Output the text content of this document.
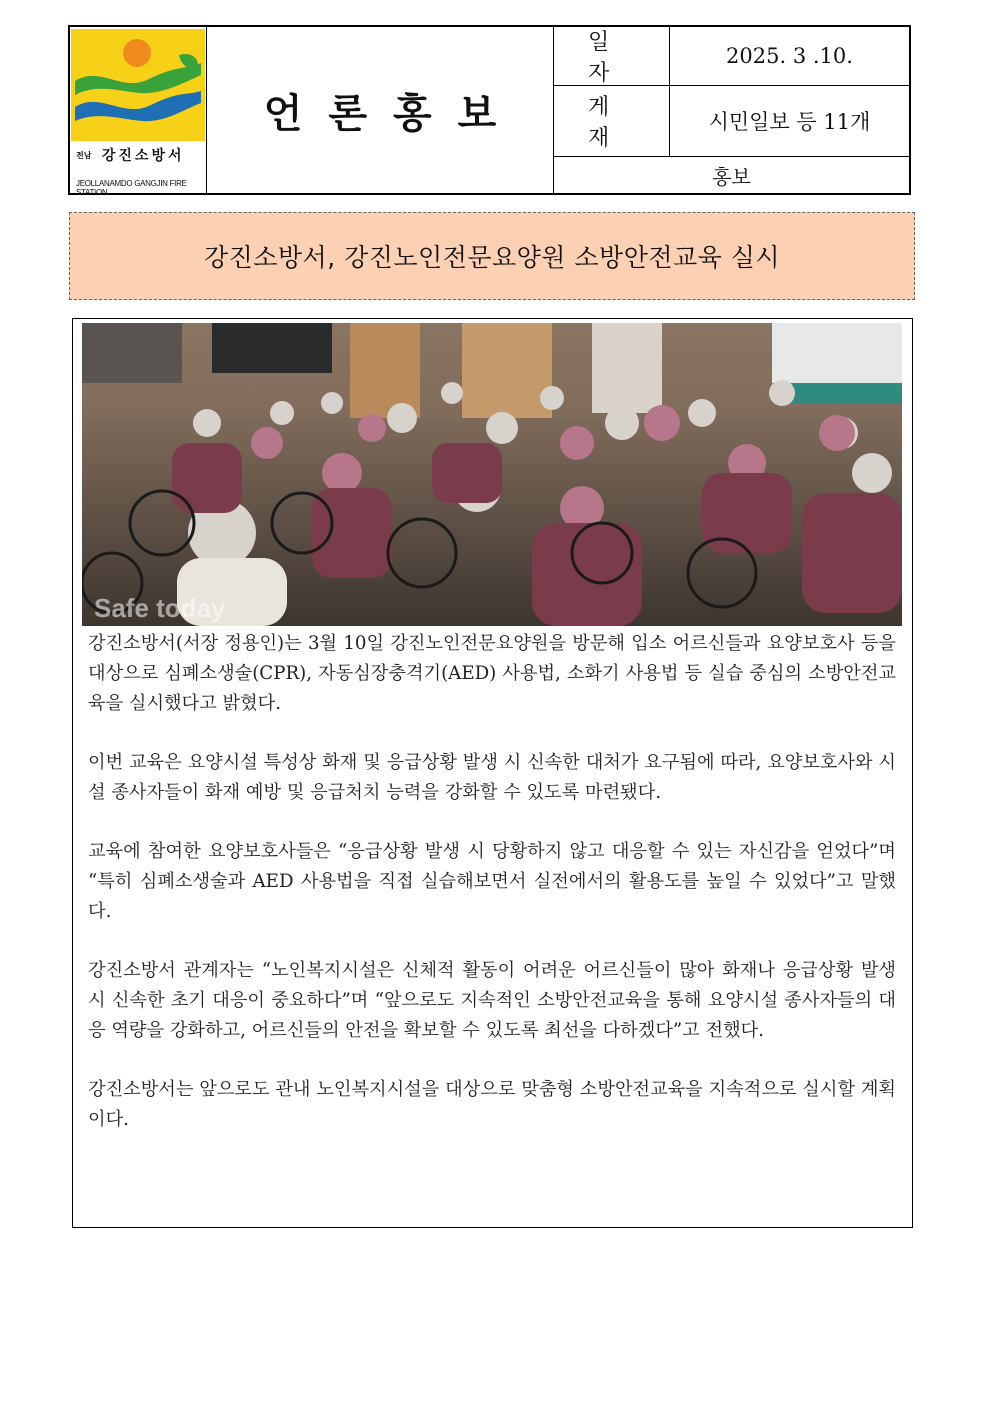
전남 강진소방서
JEOLLANAMDO GANGJIN FIRE STATION
언론홍보
일자
2025. 3 .10.
게재
시민일보 등 11개
홍보
강진소방서, 강진노인전문요양원 소방안전교육 실시
Safe today

강진소방서(서장 정용인)는 3월 10일 강진노인전문요양원을 방문해 입소 어르신들과 요양보호사 등을 대상으로 심폐소생술(CPR), 자동심장충격기(AED) 사용법, 소화기 사용법 등 실습 중심의 소방안전교육을 실시했다고 밝혔다.

이번 교육은 요양시설 특성상 화재 및 응급상황 발생 시 신속한 대처가 요구됨에 따라, 요양보호사와 시설 종사자들이 화재 예방 및 응급처치 능력을 강화할 수 있도록 마련됐다.

교육에 참여한 요양보호사들은 “응급상황 발생 시 당황하지 않고 대응할 수 있는 자신감을 얻었다”며 “특히 심폐소생술과 AED 사용법을 직접 실습해보면서 실전에서의 활용도를 높일 수 있었다”고 말했다.

강진소방서 관계자는 “노인복지시설은 신체적 활동이 어려운 어르신들이 많아 화재나 응급상황 발생 시 신속한 초기 대응이 중요하다”며 “앞으로도 지속적인 소방안전교육을 통해 요양시설 종사자들의 대응 역량을 강화하고, 어르신들의 안전을 확보할 수 있도록 최선을 다하겠다”고 전했다.

강진소방서는 앞으로도 관내 노인복지시설을 대상으로 맞춤형 소방안전교육을 지속적으로 실시할 계획이다.
